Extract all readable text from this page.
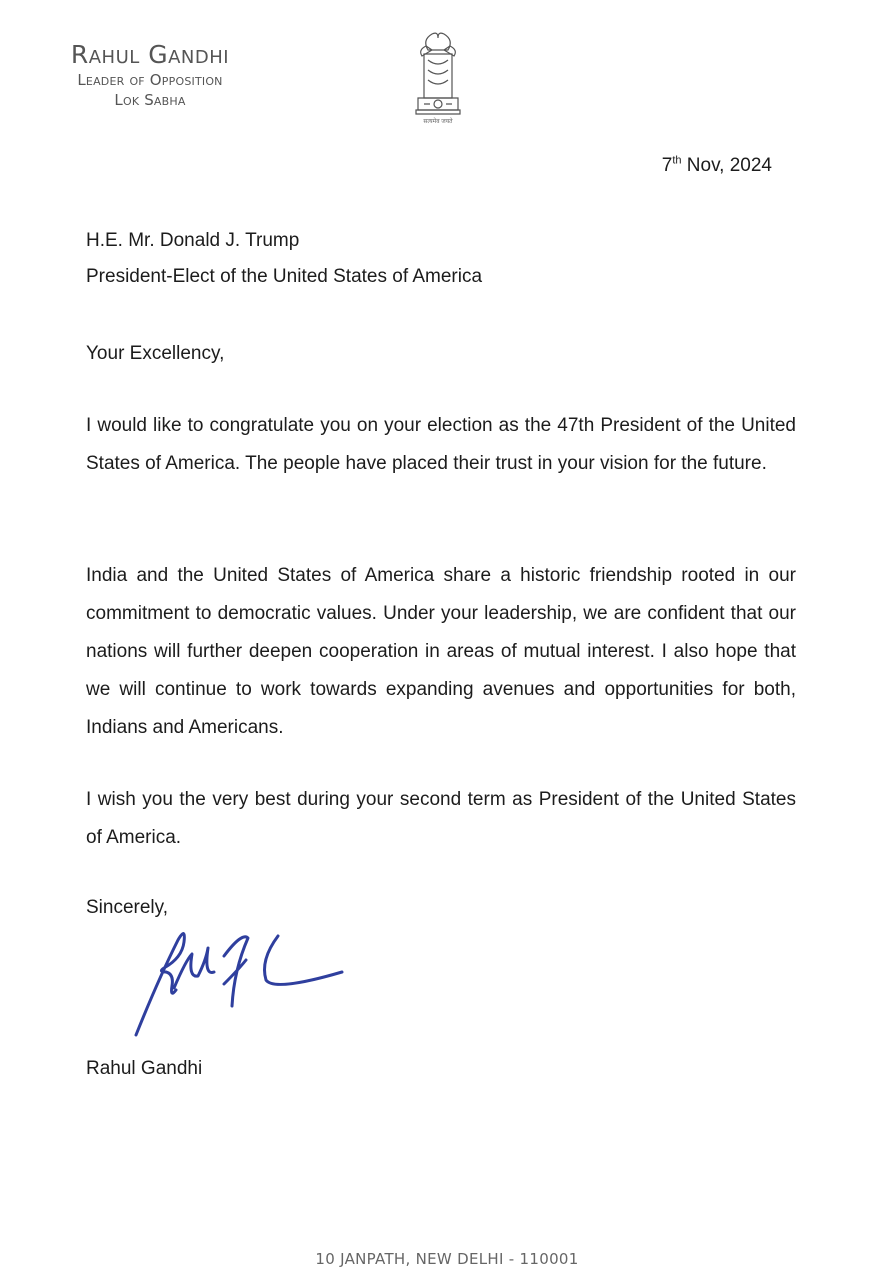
Rahul Gandhi
Leader of Opposition
Lok Sabha
सत्यमेव जयते
7th Nov, 2024
H.E. Mr. Donald J. Trump
President-Elect of the United States of America
Your Excellency,
I would like to congratulate you on your election as the 47th President of the United States of America. The people have placed their trust in your vision for the future.
India and the United States of America share a historic friendship rooted in our commitment to democratic values. Under your leadership, we are confident that our nations will further deepen cooperation in areas of mutual interest. I also hope that we will continue to work towards expanding avenues and opportunities for both, Indians and Americans.
I wish you the very best during your second term as President of the United States of America.
Sincerely,
Rahul Gandhi
10 JANPATH, NEW DELHI - 110001
